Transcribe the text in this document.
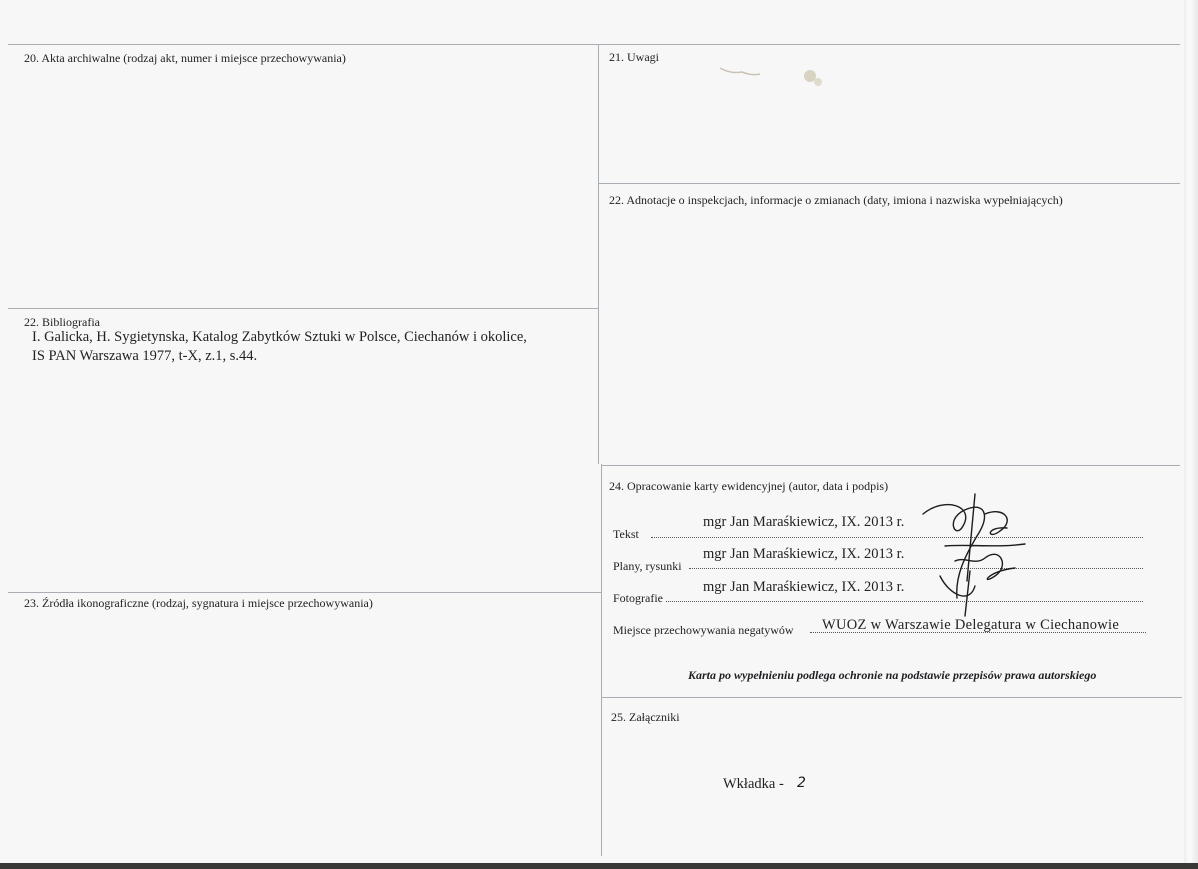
20. Akta archiwalne (rodzaj akt, numer i miejsce przechowywania)	21. Uwagi
22. Adnotacje o inspekcjach, informacje o zmianach (daty, imiona i nazwiska wypełniających)
22. Bibliografia
23. Źródła ikonograficzne (rodzaj, sygnatura i miejsce przechowywania)
24. Opracowanie karty ewidencyjnej (autor, data i podpis)
25. Załączniki
I. Galicka, H. Sygietynska, Katalog Zabytków Sztuki w Polsce, Ciechanów i okolice,
IS PAN Warszawa 1977, t-X, z.1, s.44.
Tekst
mgr Jan Maraśkiewicz, IX. 2013 r.
Plany, rysunki
mgr Jan Maraśkiewicz, IX. 2013 r.
Fotografie
mgr Jan Maraśkiewicz, IX. 2013 r.
Miejsce przechowywania negatywów WUOZ w Warszawie Delegatura w Ciechanowie
Karta po wypełnieniu podlega ochronie na podstawie przepisów prawa autorskiego
Wkładka - 2
